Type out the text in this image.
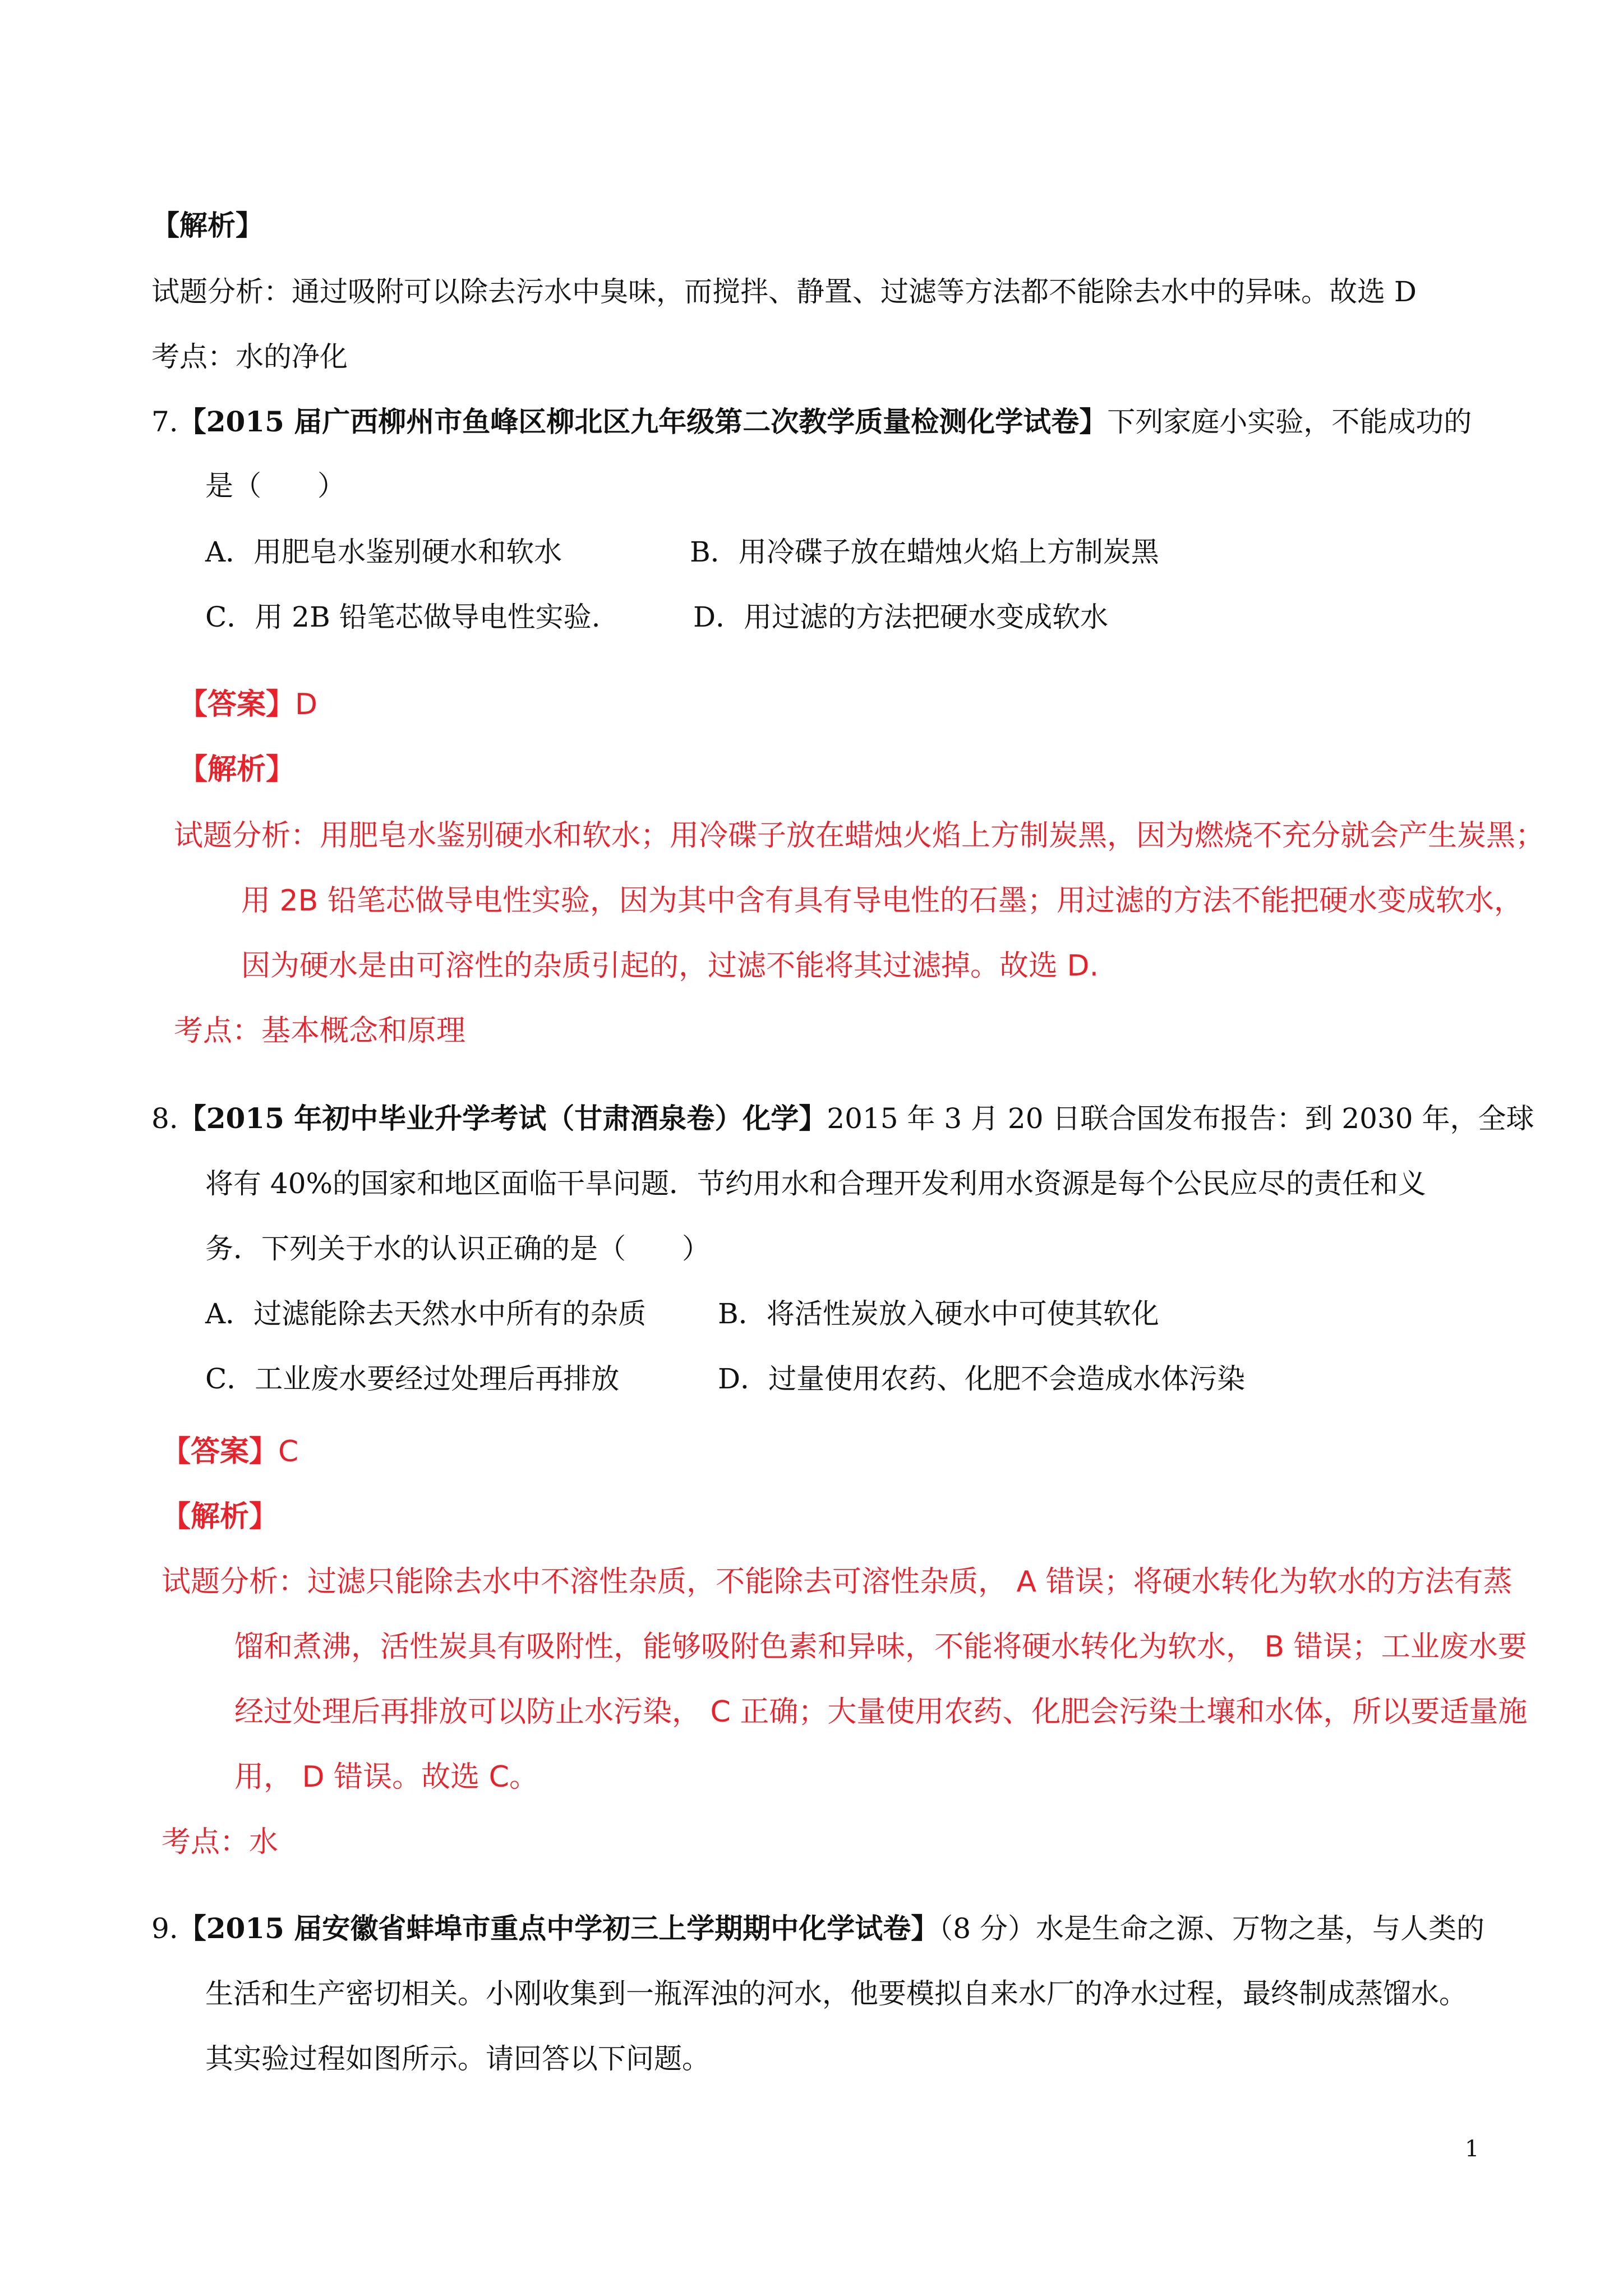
【解析】
试题分析：通过吸附可以除去污水中臭味，而搅拌、静置、过滤等方法都不能除去水中的异味。故选 D
考点：水的净化
7.【2015 届广西柳州市鱼峰区柳北区九年级第二次教学质量检测化学试卷】下列家庭小实验，不能成功的
是（　　）
A．用肥皂水鉴别硬水和软水	B．用冷碟子放在蜡烛火焰上方制炭黑
C．用 2B 铅笔芯做导电性实验.	D．用过滤的方法把硬水变成软水
【答案】D
【解析】
试题分析：用肥皂水鉴别硬水和软水；用冷碟子放在蜡烛火焰上方制炭黑，因为燃烧不充分就会产生炭黑；
用 2B 铅笔芯做导电性实验，因为其中含有具有导电性的石墨；用过滤的方法不能把硬水变成软水，
因为硬水是由可溶性的杂质引起的，过滤不能将其过滤掉。故选 D.
考点：基本概念和原理
8.【2015 年初中毕业升学考试（甘肃酒泉卷）化学】2015 年 3 月 20 日联合国发布报告：到 2030 年，全球
将有 40%的国家和地区面临干旱问题．节约用水和合理开发利用水资源是每个公民应尽的责任和义
务．下列关于水的认识正确的是（　　）
A．过滤能除去天然水中所有的杂质	B．将活性炭放入硬水中可使其软化
C．工业废水要经过处理后再排放	D．过量使用农药、化肥不会造成水体污染
【答案】C
【解析】
试题分析：过滤只能除去水中不溶性杂质，不能除去可溶性杂质， A 错误；将硬水转化为软水的方法有蒸
馏和煮沸，活性炭具有吸附性，能够吸附色素和异味，不能将硬水转化为软水， B 错误；工业废水要
经过处理后再排放可以防止水污染， C 正确；大量使用农药、化肥会污染土壤和水体，所以要适量施
用， D 错误。故选 C。
考点：水
9.【2015 届安徽省蚌埠市重点中学初三上学期期中化学试卷】（8 分）水是生命之源、万物之基，与人类的
生活和生产密切相关。小刚收集到一瓶浑浊的河水，他要模拟自来水厂的净水过程，最终制成蒸馏水。
其实验过程如图所示。请回答以下问题。
1
